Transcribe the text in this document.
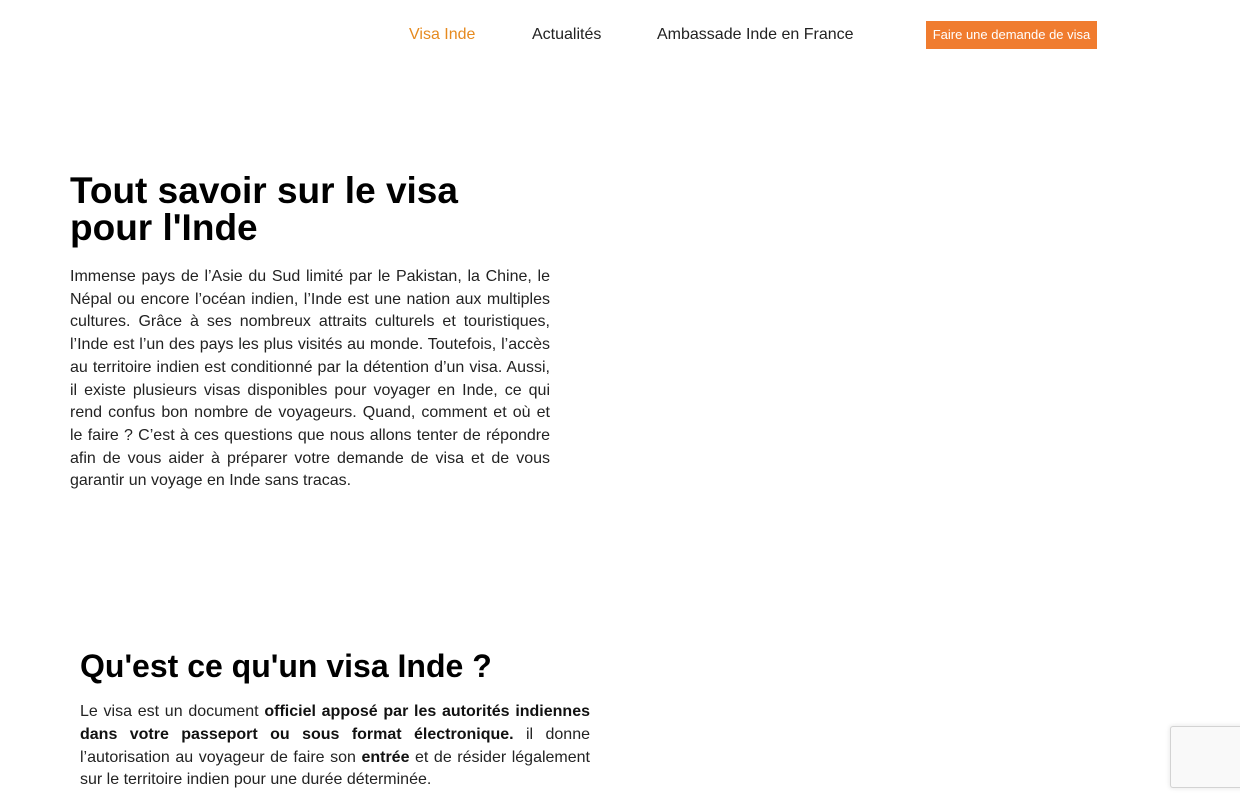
Visa Inde	Actualités	Ambassade Inde en France	Faire une demande de visa
Tout savoir sur le visa pour l'Inde

Immense pays de l’Asie du Sud limité par le Pakistan, la Chine, le Népal ou encore l’océan indien, l’Inde est une nation aux multiples cultures. Grâce à ses nombreux attraits culturels et touristiques, l’Inde est l’un des pays les plus visités au monde. Toutefois, l’accès au territoire indien est conditionné par la détention d’un visa. Aussi, il existe plusieurs visas disponibles pour voyager en Inde, ce qui rend confus bon nombre de voyageurs. Quand, comment et où et le faire ? C’est à ces questions que nous allons tenter de répondre afin de vous aider à préparer votre demande de visa et de vous garantir un voyage en Inde sans tracas.

Qu'est ce qu'un visa Inde ?

Le visa est un document officiel apposé par les autorités indiennes dans votre passeport ou sous format électronique. il donne l’autorisation au voyageur de faire son entrée et de résider légalement sur le territoire indien pour une durée déterminée.
